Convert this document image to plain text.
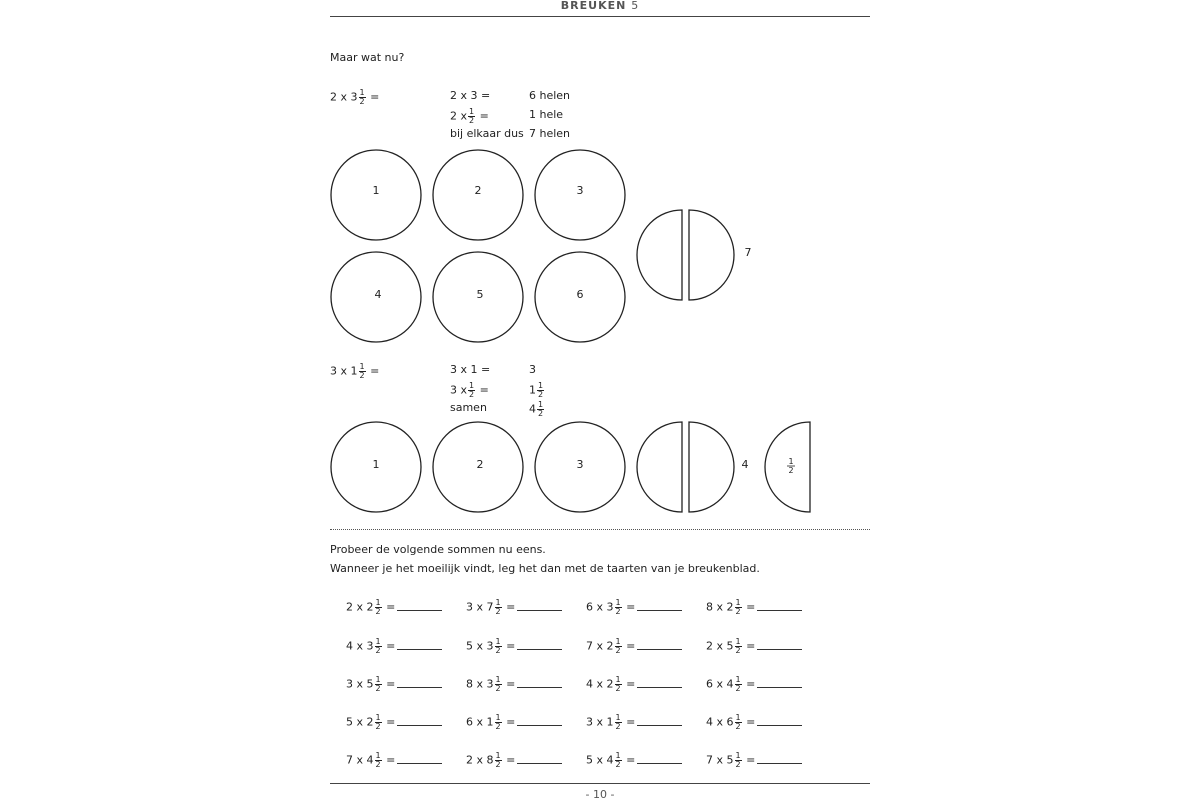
BREUKEN 5
Maar wat nu?
2 x $3 \frac{1}{2}$ =	2 x 3 =	6 helen
2 x $\frac{1}{2}$ =	1 hele
bij elkaar dus 7 helen
1	2	3
4	5	6
7
1	2	3	4	1
2
3 x $1 \frac{1}{2}$ =	3 x 1 =	3
3 x $\frac{1}{2}$ =	$1 \frac{1}{2}$
samen	$4 \frac{1}{2}$
Probeer de volgende sommen nu eens.
Wanneer je het moeilijk vindt, leg het dan met de taarten van je breukenblad.
2 x $2 \frac{1}{2}$ =	3 x $7 \frac{1}{2}$ =	6 x $3 \frac{1}{2}$ =	8 x $2 \frac{1}{2}$ =
4 x $3 \frac{1}{2}$ =	5 x $3 \frac{1}{2}$ =	7 x $2 \frac{1}{2}$ =	2 x $5 \frac{1}{2}$ =
3 x $5 \frac{1}{2}$ =	8 x $3 \frac{1}{2}$ =	4 x $2 \frac{1}{2}$ =	6 x $4 \frac{1}{2}$ =
5 x $2 \frac{1}{2}$ =	6 x $1 \frac{1}{2}$ =	3 x $1 \frac{1}{2}$ =	4 x $6 \frac{1}{2}$ =
7 x $4 \frac{1}{2}$ =	2 x $8 \frac{1}{2}$ =	5 x $4 \frac{1}{2}$ =	7 x $5 \frac{1}{2}$ =
- 10 -
